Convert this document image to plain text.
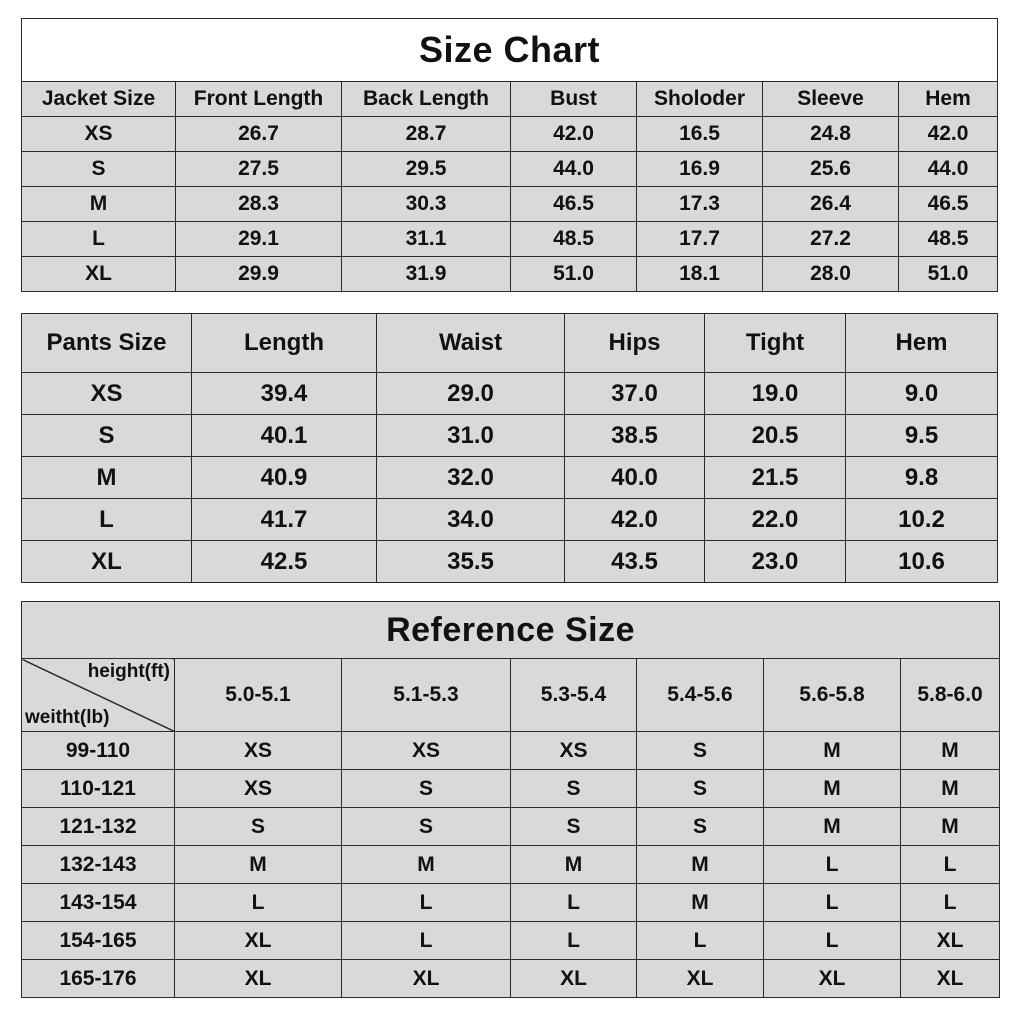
Size Chart						
Jacket Size	Front Length	Back Length	Bust	Sholoder	Sleeve	Hem
XS	26.7	28.7	42.0	16.5	24.8	42.0
S	27.5	29.5	44.0	16.9	25.6	44.0
M	28.3	30.3	46.5	17.3	26.4	46.5
L	29.1	31.1	48.5	17.7	27.2	48.5
XL	29.9	31.9	51.0	18.1	28.0	51.0
Pants Size	Length	Waist	Hips	Tight	Hem
XS	39.4	29.0	37.0	19.0	9.0
S	40.1	31.0	38.5	20.5	9.5
M	40.9	32.0	40.0	21.5	9.8
L	41.7	34.0	42.0	22.0	10.2
XL	42.5	35.5	43.5	23.0	10.6
Reference Size						

height(ft)
weitht(lb)	5.0-5.1	5.1-5.3	5.3-5.4	5.4-5.6	5.6-5.8	5.8-6.0
99-110	XS	XS	XS	S	M	M
110-121	XS	S	S	S	M	M
121-132	S	S	S	S	M	M
132-143	M	M	M	M	L	L
143-154	L	L	L	M	L	L
154-165	XL	L	L	L	L	XL
165-176	XL	XL	XL	XL	XL	XL
